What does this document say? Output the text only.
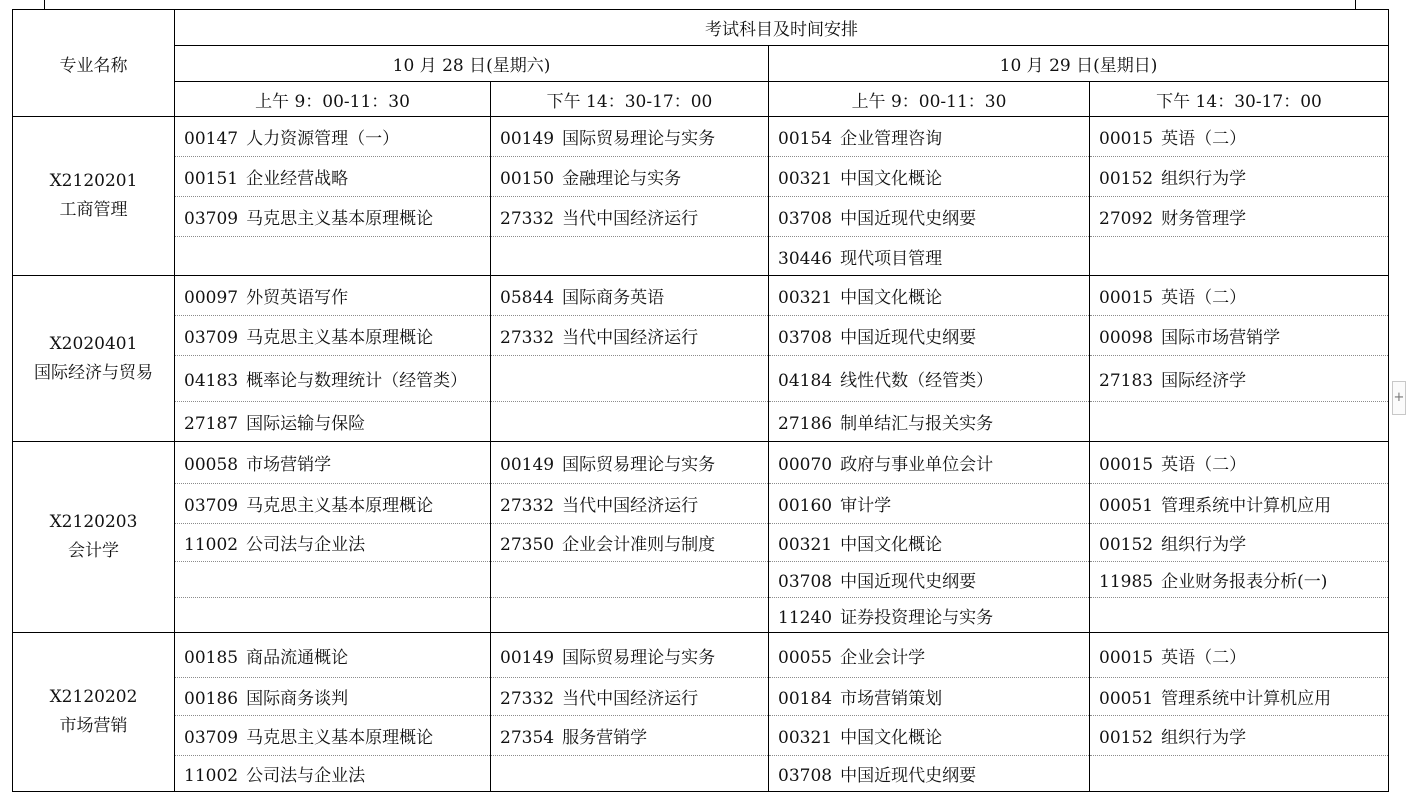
专业名称	考试科目及时间安排			
	10 月 28 日(星期六)		10 月 29 日(星期日)	
	上午 9：00-11：30	下午 14：30-17：00	上午 9：00-11：30	下午 14：30-17：00

X2120201
工商管理	00147 人力资源管理（一）	00149 国际贸易理论与实务	00154 企业管理咨询	00015 英语（二）
	00151 企业经营战略	00150 金融理论与实务	00321 中国文化概论	00152 组织行为学
	03709 马克思主义基本原理概论	27332 当代中国经济运行	03708 中国近现代史纲要	27092 财务管理学
			30446 现代项目管理	

X2020401
国际经济与贸易	00097 外贸英语写作	05844 国际商务英语	00321 中国文化概论	00015 英语（二）
	03709 马克思主义基本原理概论	27332 当代中国经济运行	03708 中国近现代史纲要	00098 国际市场营销学
	04183 概率论与数理统计（经管类）		04184 线性代数（经管类）	27183 国际经济学
	27187 国际运输与保险		27186 制单结汇与报关实务	

X2120203
会计学	00058 市场营销学	00149 国际贸易理论与实务	00070 政府与事业单位会计	00015 英语（二）
	03709 马克思主义基本原理概论	27332 当代中国经济运行	00160 审计学	00051 管理系统中计算机应用
	11002 公司法与企业法	27350 企业会计准则与制度	00321 中国文化概论	00152 组织行为学
			03708 中国近现代史纲要	11985 企业财务报表分析(一)
			11240 证券投资理论与实务	

X2120202
市场营销	00185 商品流通概论	00149 国际贸易理论与实务	00055 企业会计学	00015 英语（二）
	00186 国际商务谈判	27332 当代中国经济运行	00184 市场营销策划	00051 管理系统中计算机应用
	03709 马克思主义基本原理概论	27354 服务营销学	00321 中国文化概论	00152 组织行为学
	11002 公司法与企业法		03708 中国近现代史纲要	
+
